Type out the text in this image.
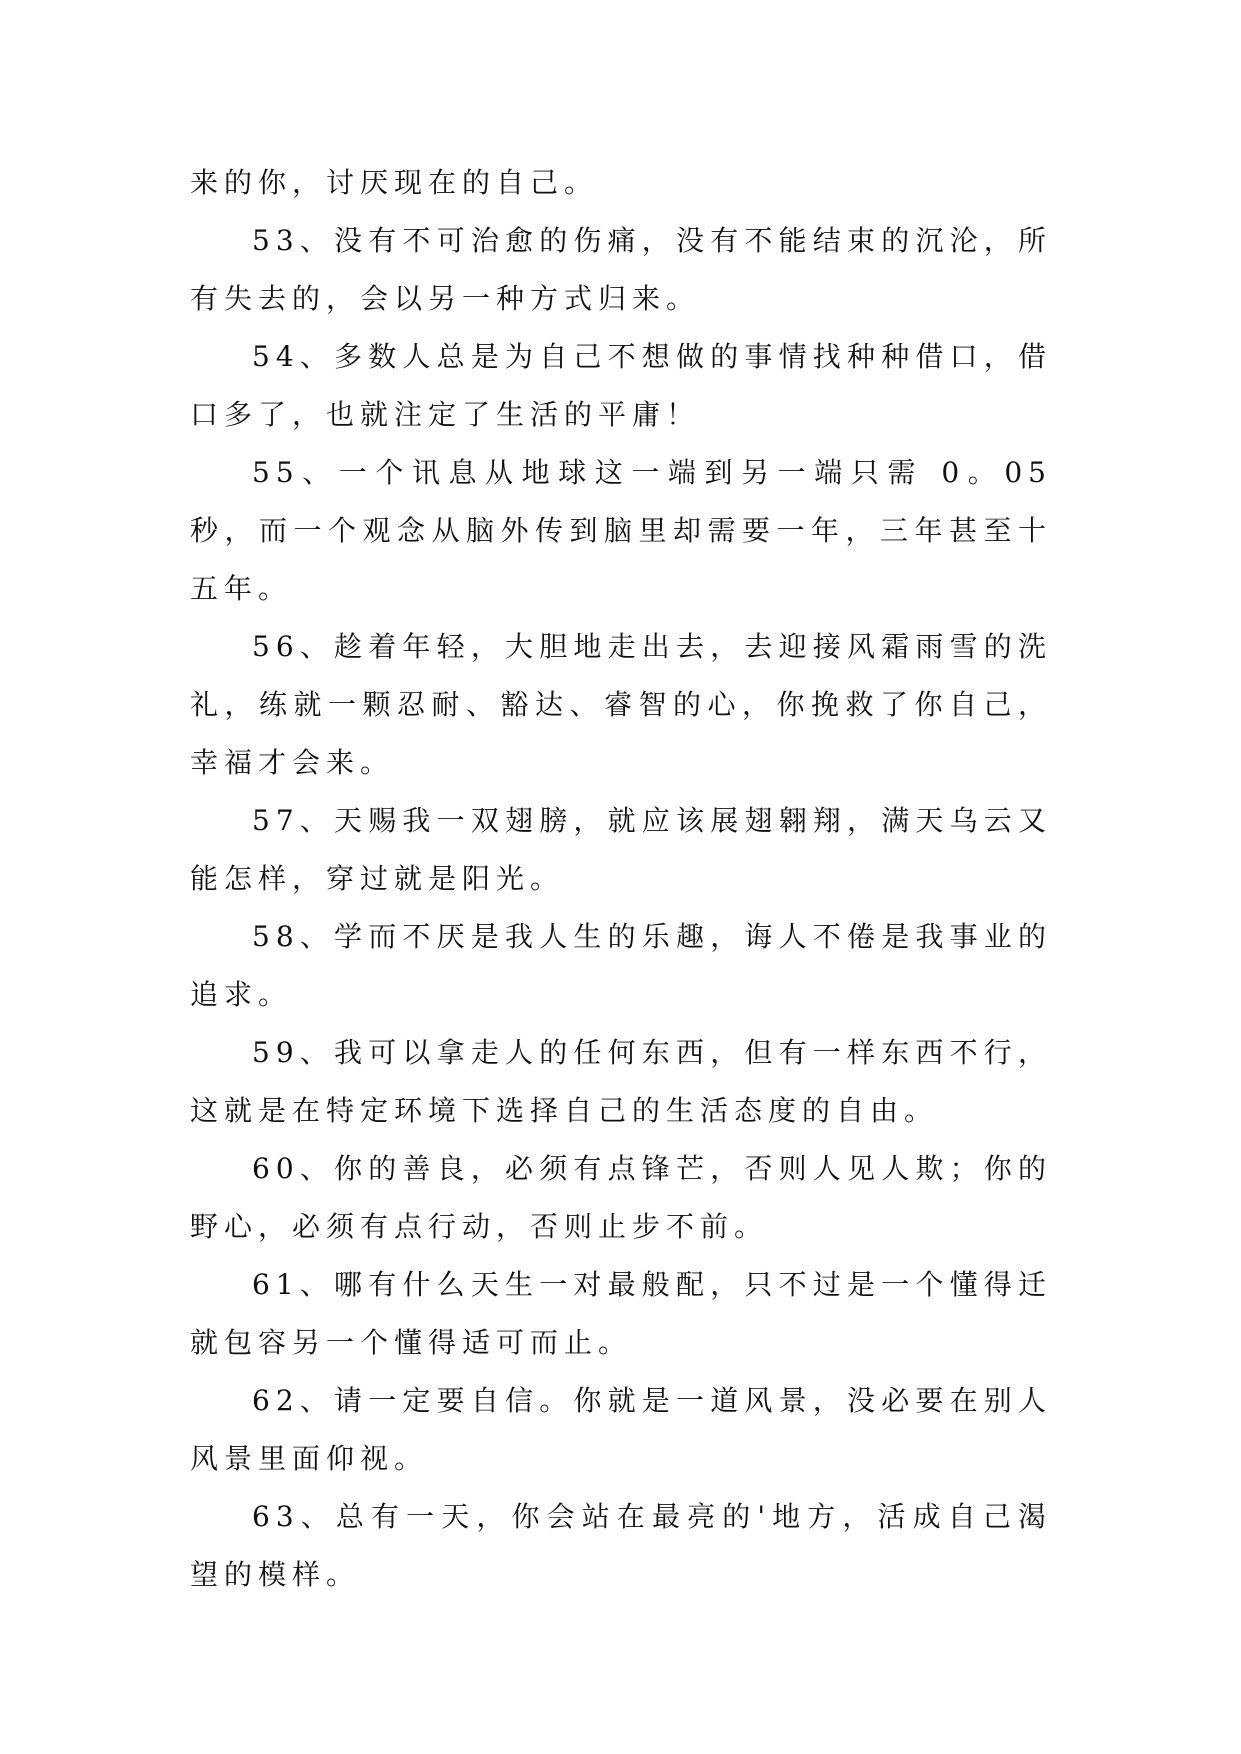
来的你，讨厌现在的自己。

53、没有不可治愈的伤痛，没有不能结束的沉沦，所有失去的，会以另一种方式归来。

54、多数人总是为自己不想做的事情找种种借口，借口多了，也就注定了生活的平庸！

55、一个讯息从地球这一端到另一端只需 0。05 秒，而一个观念从脑外传到脑里却需要一年，三年甚至十五年。

56、趁着年轻，大胆地走出去，去迎接风霜雨雪的洗礼，练就一颗忍耐、豁达、睿智的心，你挽救了你自己，幸福才会来。

57、天赐我一双翅膀，就应该展翅翱翔，满天乌云又能怎样，穿过就是阳光。

58、学而不厌是我人生的乐趣，诲人不倦是我事业的追求。

59、我可以拿走人的任何东西，但有一样东西不行，这就是在特定环境下选择自己的生活态度的自由。

60、你的善良，必须有点锋芒，否则人见人欺；你的野心，必须有点行动，否则止步不前。

61、哪有什么天生一对最般配，只不过是一个懂得迁就包容另一个懂得适可而止。

62、请一定要自信。你就是一道风景，没必要在别人风景里面仰视。

63、总有一天，你会站在最亮的'地方，活成自己渴望的模样。
